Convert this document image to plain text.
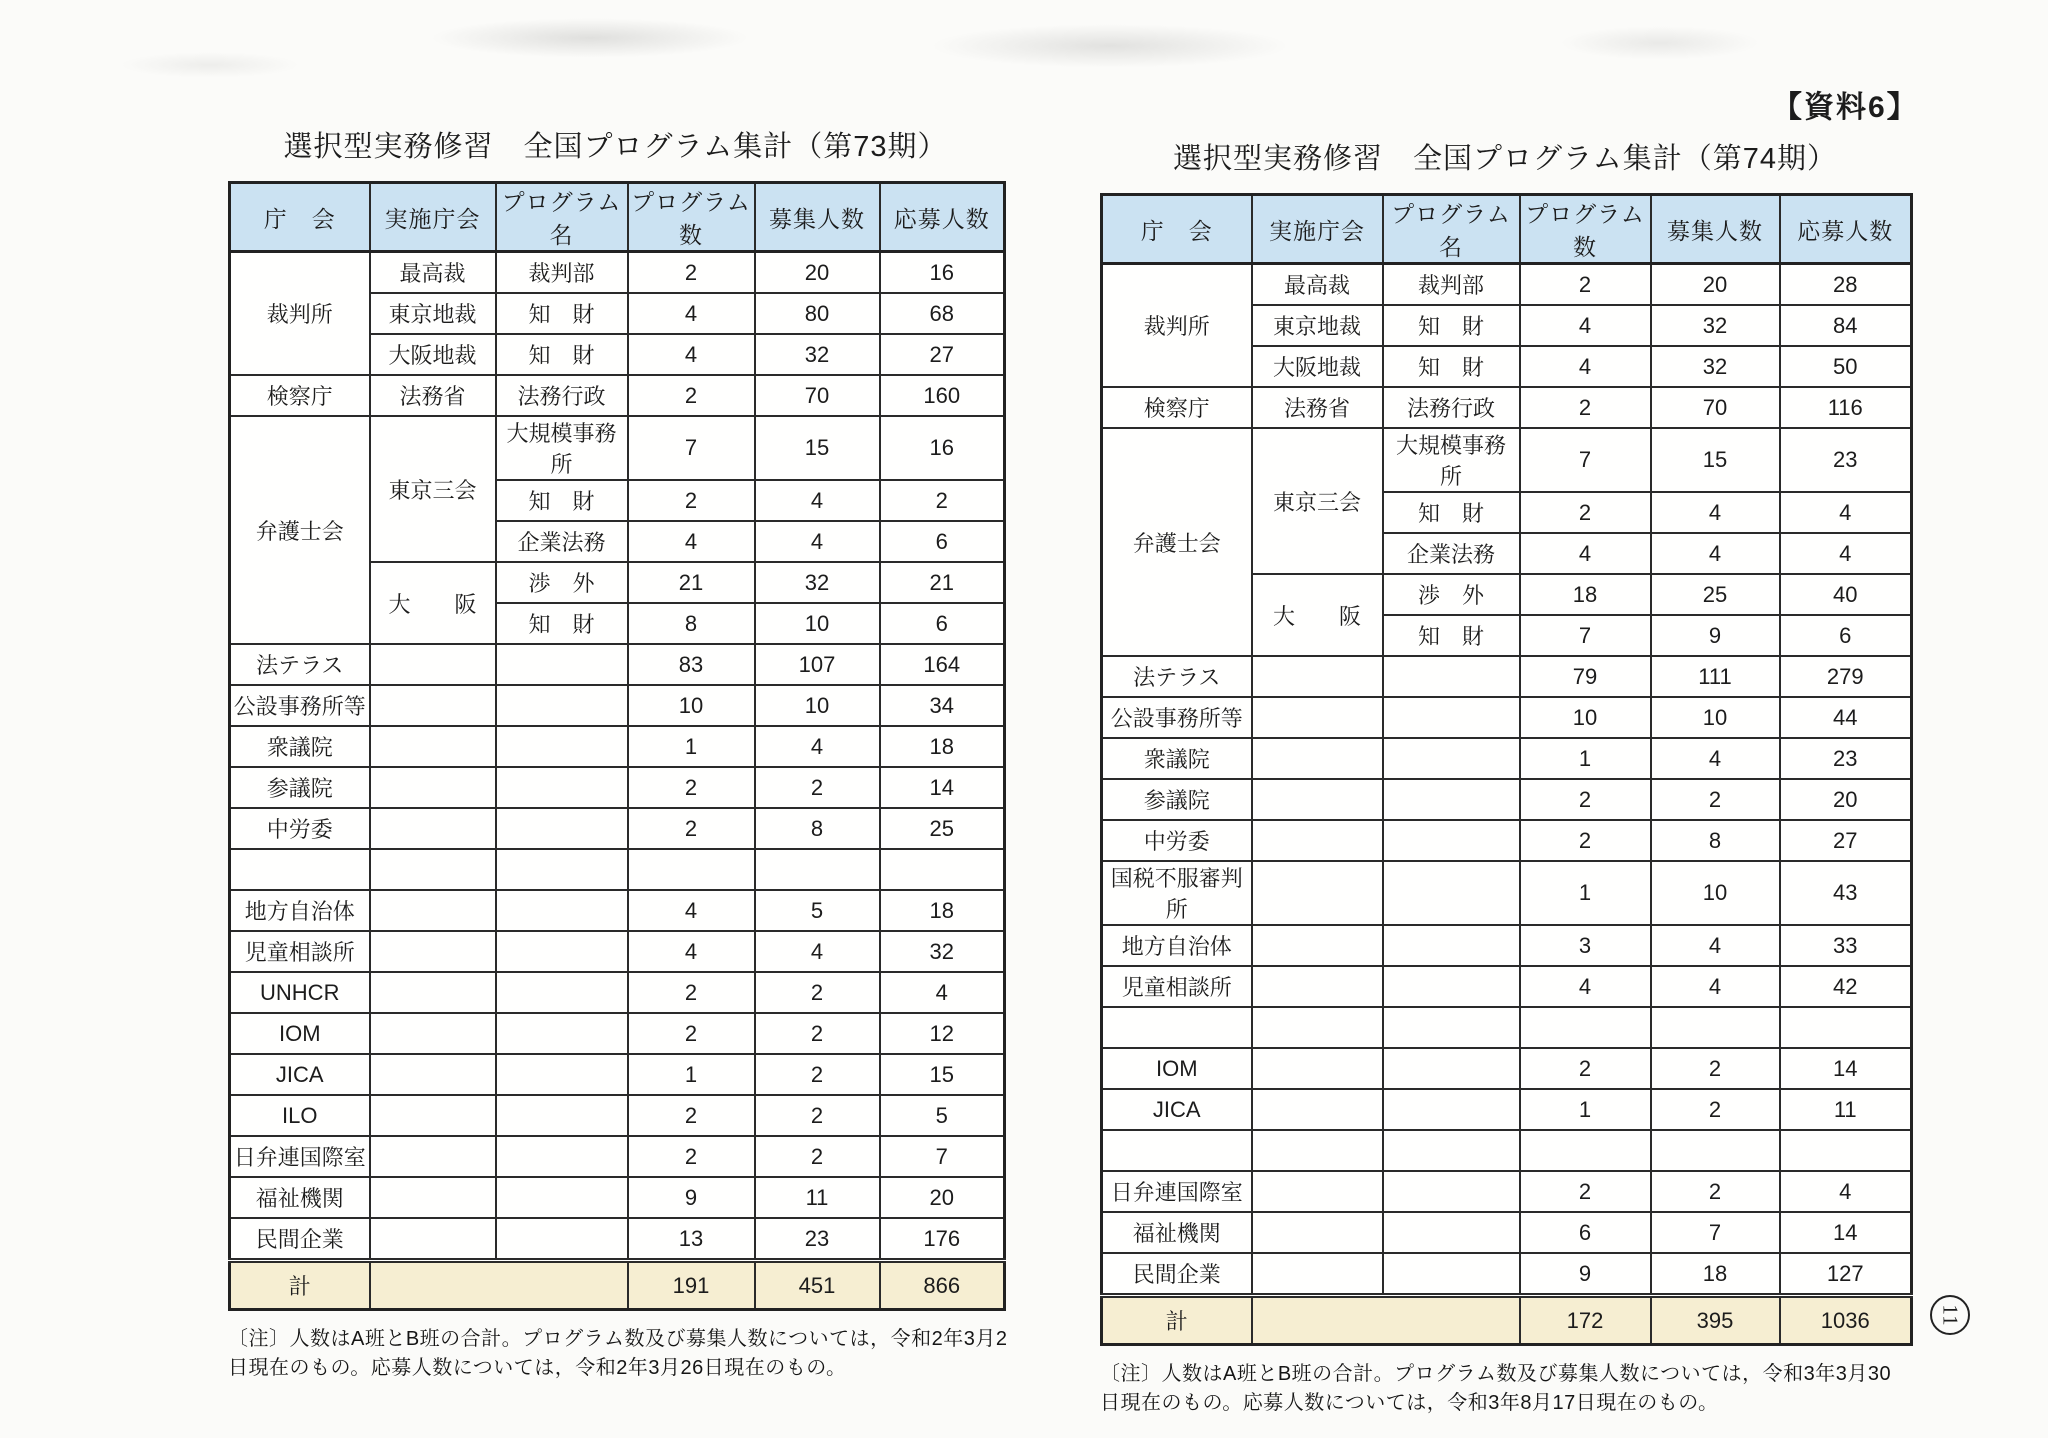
【資料6】
選択型実務修習　全国プログラム集計（第73期）
庁　会	実施庁会	プログラム名	プログラム数	募集人数	応募人数
裁判所	最高裁	裁判部	2	20	16
	東京地裁	知　財	4	80	68
	大阪地裁	知　財	4	32	27
検察庁	法務省	法務行政	2	70	160
弁護士会	東京三会	大規模事務所	7	15	16
		知　財	2	4	2
		企業法務	4	4	6
	大　　阪	渉　外	21	32	21
		知　財	8	10	6
法テラス			83	107	164
公設事務所等			10	10	34
衆議院			1	4	18
参議院			2	2	14
中労委			2	8	25

地方自治体			4	5	18
児童相談所			4	4	32
UNHCR			2	2	4
IOM			2	2	12
JICA			1	2	15
ILO			2	2	5
日弁連国際室			2	2	7
福祉機関			9	11	20
民間企業			13	23	176
計			191	451	866
〔注〕人数はA班とB班の合計。プログラム数及び募集人数については，令和2年3月2日現在のもの。応募人数については，令和2年3月26日現在のもの。
選択型実務修習　全国プログラム集計（第74期）
庁　会	実施庁会	プログラム名	プログラム数	募集人数	応募人数
裁判所	最高裁	裁判部	2	20	28
	東京地裁	知　財	4	32	84
	大阪地裁	知　財	4	32	50
検察庁	法務省	法務行政	2	70	116
弁護士会	東京三会	大規模事務所	7	15	23
		知　財	2	4	4
		企業法務	4	4	4
	大　　阪	渉　外	18	25	40
		知　財	7	9	6
法テラス			79	111	279
公設事務所等			10	10	44
衆議院			1	4	23
参議院			2	2	20
中労委			2	8	27
国税不服審判所			1	10	43
地方自治体			3	4	33
児童相談所			4	4	42

IOM			2	2	14
JICA			1	2	11

日弁連国際室			2	2	4
福祉機関			6	7	14
民間企業			9	18	127
計			172	395	1036
〔注〕人数はA班とB班の合計。プログラム数及び募集人数については，令和3年3月30日現在のもの。応募人数については，令和3年8月17日現在のもの。
11
